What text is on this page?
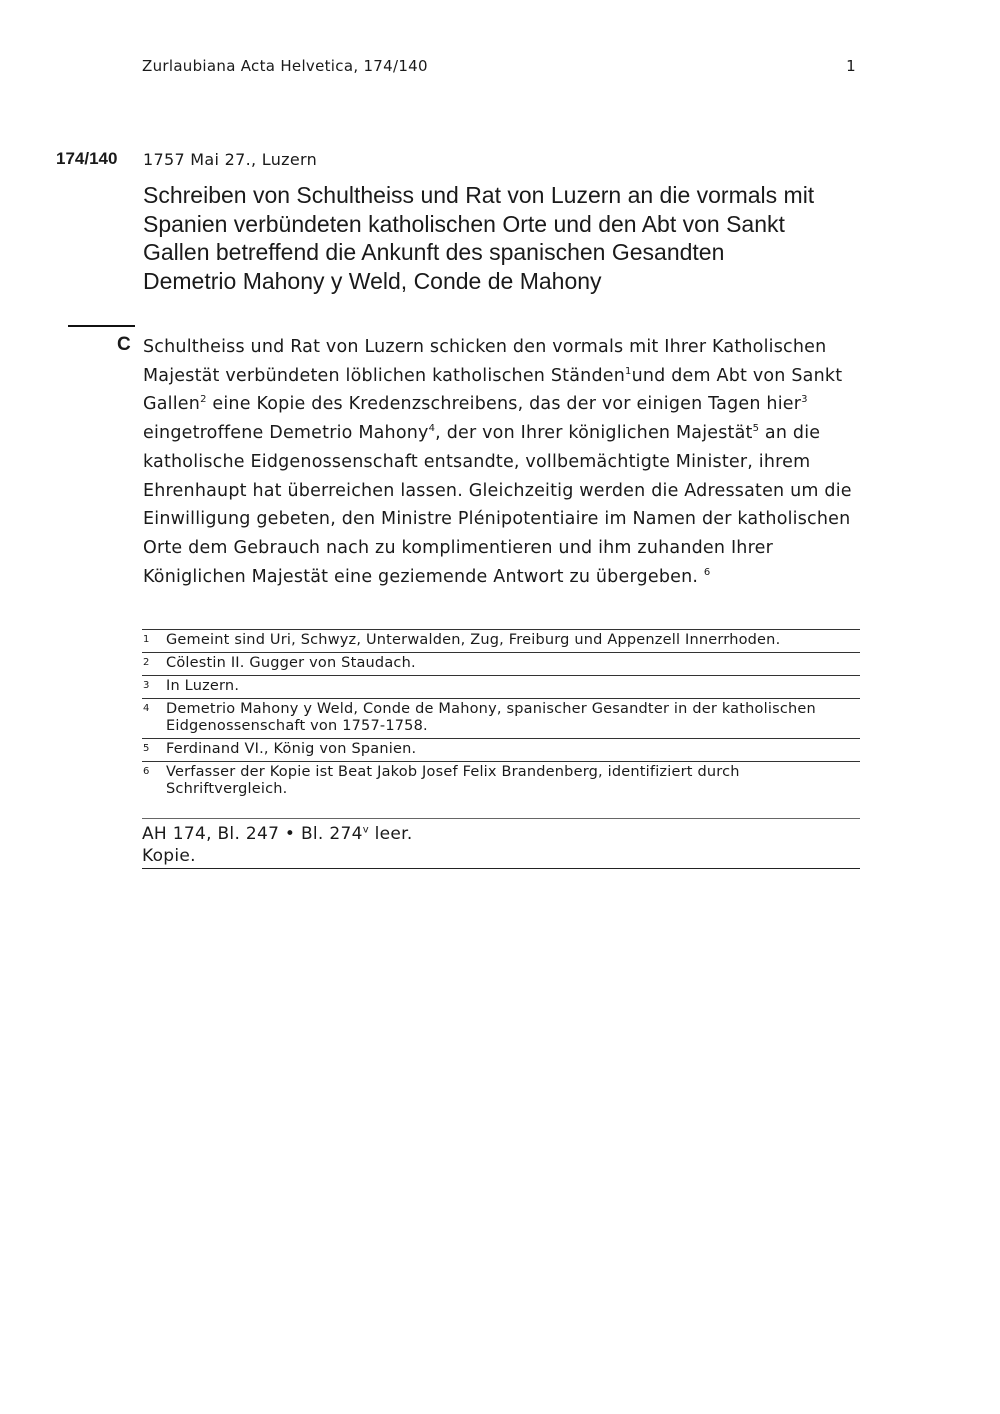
Zurlaubiana Acta Helvetica, 174/140	1
174/140 1757 Mai 27., Luzern
Schreiben von Schultheiss und Rat von Luzern an die vormals mit
Spanien verbündeten katholischen Orte und den Abt von Sankt
Gallen betreffend die Ankunft des spanischen Gesandten
Demetrio Mahony y Weld, Conde de Mahony
C Schultheiss und Rat von Luzern schicken den vormals mit Ihrer Katholischen
Majestät verbündeten löblichen katholischen Ständen$^1$und dem Abt von Sankt
Gallen$^2$ eine Kopie des Kredenzschreibens, das der vor einigen Tagen hier$^3$
eingetroffene Demetrio Mahony$^4$, der von Ihrer königlichen Majestät$^5$ an die
katholische Eidgenossenschaft entsandte, vollbemächtigte Minister, ihrem
Ehrenhaupt hat überreichen lassen. Gleichzeitig werden die Adressaten um die
Einwilligung gebeten, den Ministre Plénipotentiaire im Namen der katholischen
Orte dem Gebrauch nach zu komplimentieren und ihm zuhanden Ihrer
Königlichen Majestät eine geziemende Antwort zu übergeben. $^6$
1 Gemeint sind Uri, Schwyz, Unterwalden, Zug, Freiburg und Appenzell Innerrhoden.
2 Cölestin II. Gugger von Staudach.
3 In Luzern.
4 Demetrio Mahony y Weld, Conde de Mahony, spanischer Gesandter in der katholischen Eidgenossenschaft von 1757-1758.
5 Ferdinand VI., König von Spanien.
6 Verfasser der Kopie ist Beat Jakob Josef Felix Brandenberg, identifiziert durch Schriftvergleich.
AH 174, Bl. 247 • Bl. 274$^v$ leer.
Kopie.
